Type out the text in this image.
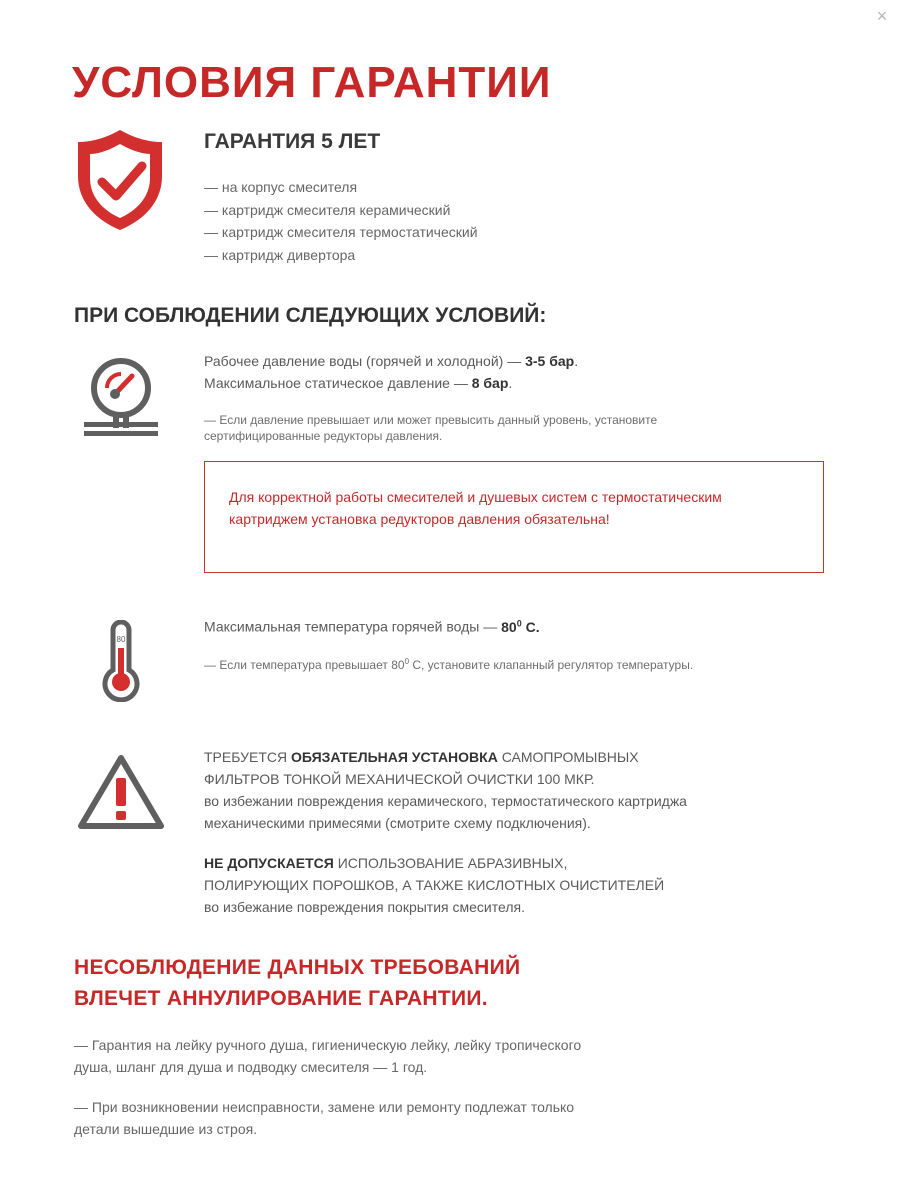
×
УСЛОВИЯ ГАРАНТИИ
ГАРАНТИЯ 5 ЛЕТ
— на корпус смесителя
— картридж смесителя керамический
— картридж смесителя термостатический
— картридж дивертора
ПРИ СОБЛЮДЕНИИ СЛЕДУЮЩИХ УСЛОВИЙ:

Рабочее давление воды (горячей и холодной) — 3-5 бар.

Максимальное статическое давление — 8 бар.

— Если давление превышает или может превысить данный уровень, установите сертифицированные редукторы давления.

Для корректной работы смесителей и душевых систем с термостатическим картриджем установка редукторов давления обязательна!

80

Максимальная температура горячей воды — $80^0$ С.

— Если температура превышает $80^0$ С, установите клапанный регулятор температуры.

ТРЕБУЕТСЯ ОБЯЗАТЕЛЬНАЯ УСТАНОВКА САМОПРОМЫВНЫХ

ФИЛЬТРОВ ТОНКОЙ МЕХАНИЧЕСКОЙ ОЧИСТКИ 100 МКР.

во избежании повреждения керамического, термостатического картриджа

механическими примесями (смотрите схему подключения).

НЕ ДОПУСКАЕТСЯ ИСПОЛЬЗОВАНИЕ АБРАЗИВНЫХ,

ПОЛИРУЮЩИХ ПОРОШКОВ, А ТАКЖЕ КИСЛОТНЫХ ОЧИСТИТЕЛЕЙ

во избежание повреждения покрытия смесителя.

НЕСОБЛЮДЕНИЕ ДАННЫХ ТРЕБОВАНИЙ
ВЛЕЧЕТ АННУЛИРОВАНИЕ ГАРАНТИИ.

— Гарантия на лейку ручного душа, гигиеническую лейку, лейку тропического
душа, шланг для душа и подводку смесителя — 1 год.

— При возникновении неисправности, замене или ремонту подлежат только
детали вышедшие из строя.
